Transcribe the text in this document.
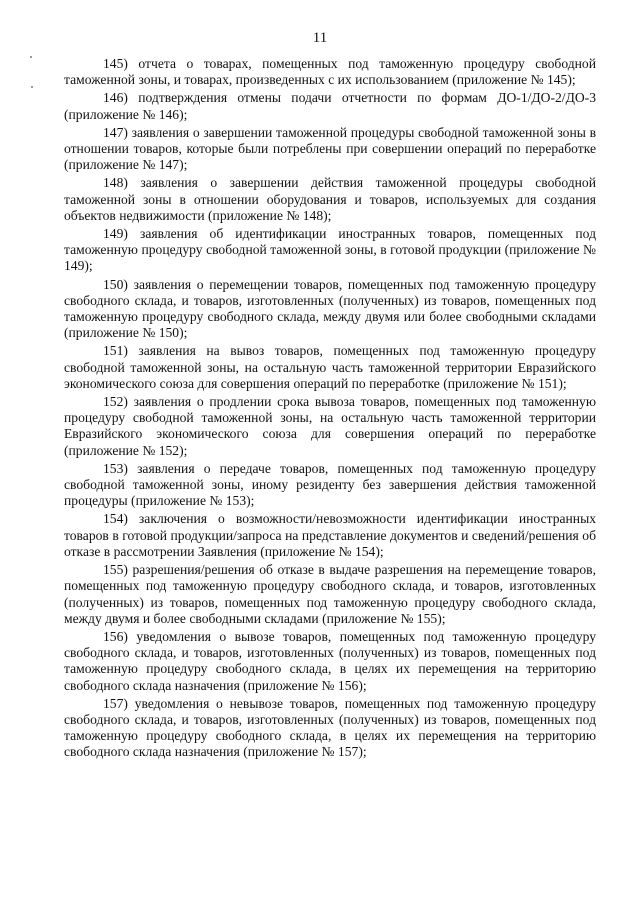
11

145) отчета о товарах, помещенных под таможенную процедуру свободной таможенной зоны, и товарах, произведенных с их использованием (приложение № 145);

146) подтверждения отмены подачи отчетности по формам ДО-1/ДО-2/ДО-3 (приложение № 146);

147) заявления о завершении таможенной процедуры свободной таможенной зоны в отношении товаров, которые были потреблены при совершении операций по переработке (приложение № 147);

148) заявления о завершении действия таможенной процедуры свободной таможенной зоны в отношении оборудования и товаров, используемых для создания объектов недвижимости (приложение № 148);

149) заявления об идентификации иностранных товаров, помещенных под таможенную процедуру свободной таможенной зоны, в готовой продукции (приложение № 149);

150) заявления о перемещении товаров, помещенных под таможенную процедуру свободного склада, и товаров, изготовленных (полученных) из товаров, помещенных под таможенную процедуру свободного склада, между двумя или более свободными складами (приложение № 150);

151) заявления на вывоз товаров, помещенных под таможенную процедуру свободной таможенной зоны, на остальную часть таможенной территории Евразийского экономического союза для совершения операций по переработке (приложение № 151);

152) заявления о продлении срока вывоза товаров, помещенных под таможенную процедуру свободной таможенной зоны, на остальную часть таможенной территории Евразийского экономического союза для совершения операций по переработке (приложение № 152);

153) заявления о передаче товаров, помещенных под таможенную процедуру свободной таможенной зоны, иному резиденту без завершения действия таможенной процедуры (приложение № 153);

154) заключения о возможности/невозможности идентификации иностранных товаров в готовой продукции/запроса на представление документов и сведений/решения об отказе в рассмотрении Заявления (приложение № 154);

155) разрешения/решения об отказе в выдаче разрешения на перемещение товаров, помещенных под таможенную процедуру свободного склада, и товаров, изготовленных (полученных) из товаров, помещенных под таможенную процедуру свободного склада, между двумя и более свободными складами (приложение № 155);

156) уведомления о вывозе товаров, помещенных под таможенную процедуру свободного склада, и товаров, изготовленных (полученных) из товаров, помещенных под таможенную процедуру свободного склада, в целях их перемещения на территорию свободного склада назначения (приложение № 156);

157) уведомления о невывозе товаров, помещенных под таможенную процедуру свободного склада, и товаров, изготовленных (полученных) из товаров, помещенных под таможенную процедуру свободного склада, в целях их перемещения на территорию свободного склада назначения (приложение № 157);
